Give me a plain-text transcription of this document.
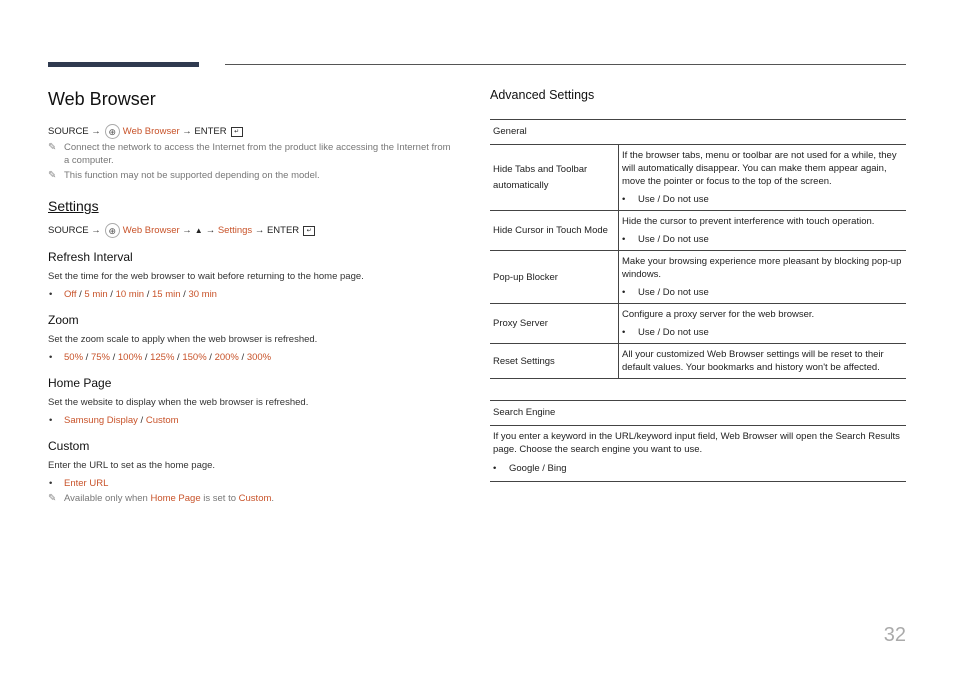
Web Browser
SOURCE
→ ⊕ Web Browser
→
ENTER	↵
✎ Connect the network to access the Internet from the product like accessing the Internet from a computer.
✎ This function may not be supported depending on the model.
Settings
SOURCE
→ ⊕ Web Browser
→ ▲ →
Settings
→
ENTER	↵
Refresh Interval
Set the time for the web browser to wait before returning to the home page.
•	Off / 5 min / 10 min / 15 min / 30 min
Zoom
Set the zoom scale to apply when the web browser is refreshed.
•	50% / 75% / 100% / 125% / 150% / 200% / 300%
Home Page
Set the website to display when the web browser is refreshed.
•	Samsung Display / Custom
Custom
Enter the URL to set as the home page.
•	Enter URL
✎ Available only when Home Page is set to Custom.
Advanced Settings
General	
Hide Tabs and Toolbar automatically	If the browser tabs, menu or toolbar are not used for a while, they will automatically disappear. You can make them appear again, move the pointer or focus to the top of the screen.
• Use / Do not use

Hide Cursor in Touch Mode	Hide the cursor to prevent interference with touch operation.
• Use / Do not use

Pop-up Blocker	Make your browsing experience more pleasant by blocking pop-up windows.
• Use / Do not use

Proxy Server	Configure a proxy server for the web browser.
• Use / Do not use

Reset Settings	All your customized Web Browser settings will be reset to their default values. Your bookmarks and history won't be affected.
Search Engine

If you enter a keyword in the URL/keyword input field, Web Browser will open the Search Results page. Choose the search engine you want to use.
•	Google / Bing
32
